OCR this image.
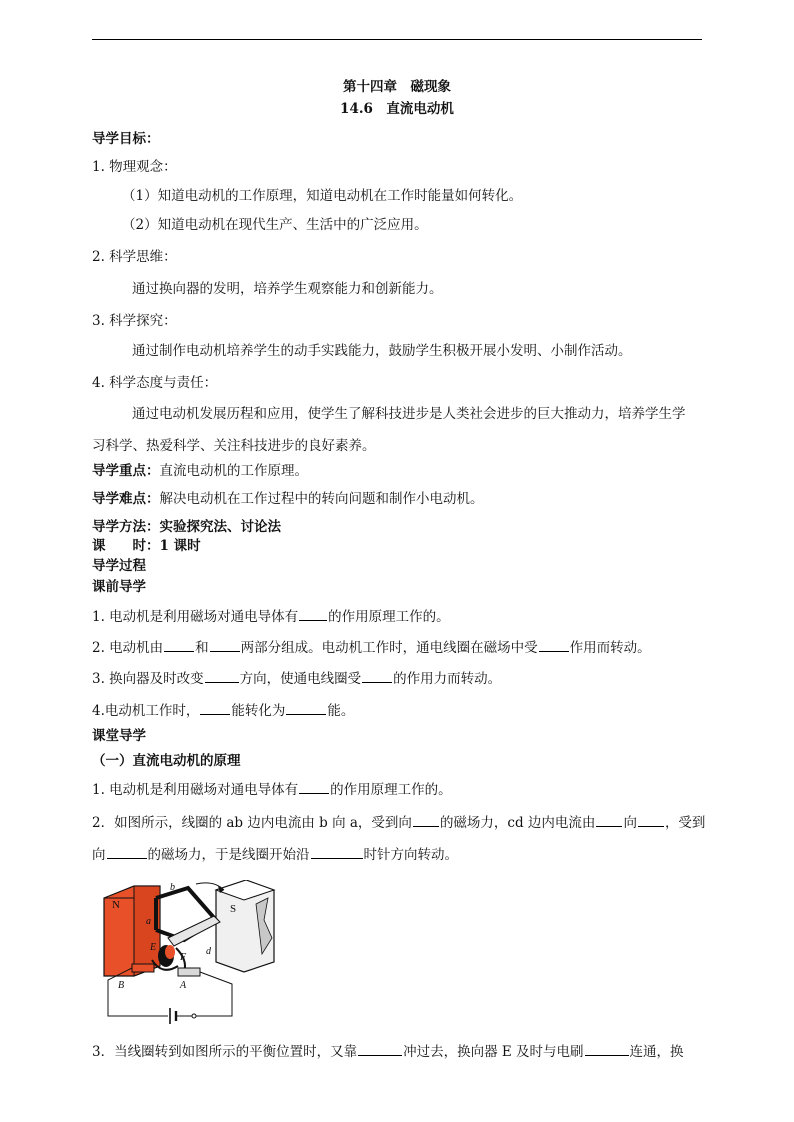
第十四章　磁现象
14.6　直流电动机
导学目标：
1. 物理观念：
（1）知道电动机的工作原理，知道电动机在工作时能量如何转化。
（2）知道电动机在现代生产、生活中的广泛应用。
2. 科学思维：
通过换向器的发明，培养学生观察能力和创新能力。
3. 科学探究：
通过制作电动机培养学生的动手实践能力，鼓励学生积极开展小发明、小制作活动。
4. 科学态度与责任：
通过电动机发展历程和应用，使学生了解科技进步是人类社会进步的巨大推动力，培养学生学
习科学、热爱科学、关注科技进步的良好素养。
导学重点：直流电动机的工作原理。
导学难点：解决电动机在工作过程中的转向问题和制作小电动机。
导学方法：实验探究法、讨论法
课　　时：1 课时
导学过程
课前导学
1. 电动机是利用磁场对通电导体有 的作用原理工作的。
2. 电动机由 和 两部分组成。电动机工作时，通电线圈在磁场中受 作用而转动。
3. 换向器及时改变	方向，使通电线圈受 的作用力而转动。
4.电动机工作时， 能转化为	能。
课堂导学
（一）直流电动机的原理
1. 电动机是利用磁场对通电导体有 的作用原理工作的。
2．如图所示，线圈的 ab 边内电流由 b 向 a，受到向 的磁场力，cd 边内电流由 向 ，受到
向	的磁场力，于是线圈开始沿	时针方向转动。
N	S
a
b
d
E
F
B	A
3．当线圈转到如图所示的平衡位置时，又靠	冲过去，换向器 E 及时与电刷	连通，换
